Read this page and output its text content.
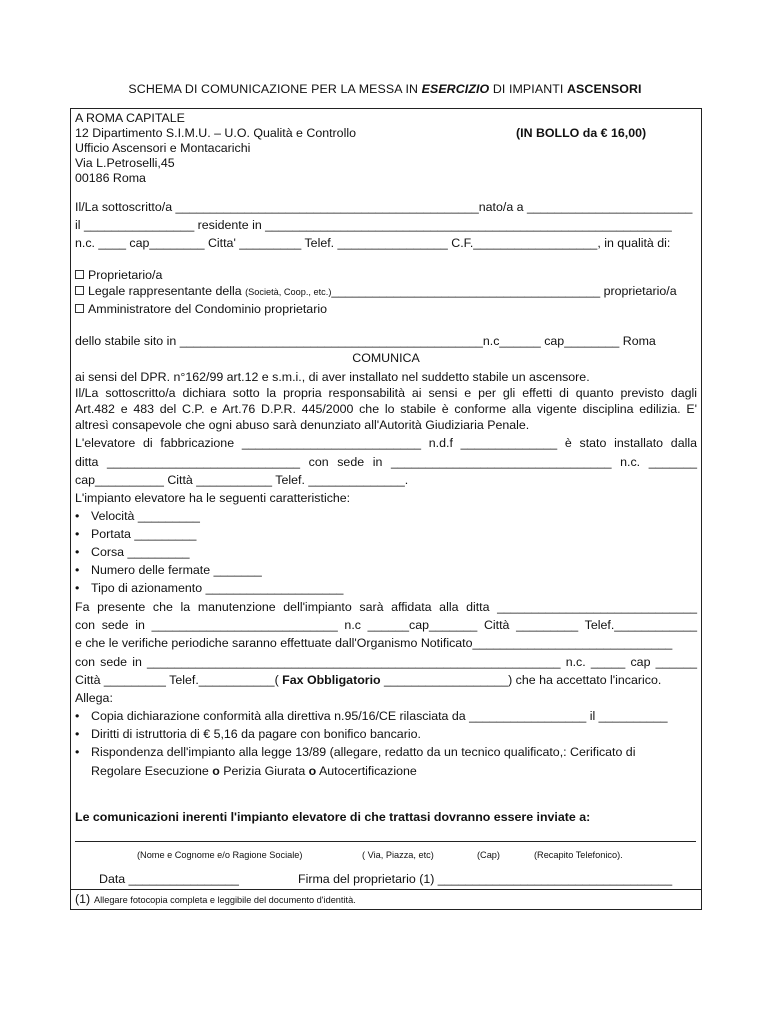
SCHEMA DI COMUNICAZIONE PER LA MESSA IN ESERCIZIO DI IMPIANTI ASCENSORI
A ROMA CAPITALE
12 Dipartimento S.I.M.U. – U.O. Qualità e Controllo	(IN BOLLO da € 16,00)
Ufficio Ascensori e Montacarichi
Via L.Petroselli,45
00186 Roma
Il/La sottoscritto/a ____________________________________________nato/a a ________________________
il ________________ residente in ___________________________________________________________
n.c. ____ cap________ Citta' _________ Telef. ________________ C.F.__________________, in qualità di:
Proprietario/a
Legale rappresentante della (Società, Coop., etc.)_______________________________________ proprietario/a
Amministratore del Condominio proprietario
dello stabile sito in ____________________________________________n.c______ cap________ Roma
COMUNICA
ai sensi del DPR. n°162/99 art.12 e s.m.i., di aver installato nel suddetto stabile un ascensore.
Il/La sottoscritto/a dichiara sotto la propria responsabilità ai sensi e per gli effetti di quanto previsto dagli
Art.482 e 483 del C.P. e Art.76 D.P.R. 445/2000 che lo stabile è conforme alla vigente disciplina edilizia. E'
altresì consapevole che ogni abuso sarà denunziato all'Autorità Giudiziaria Penale.
L'elevatore di fabbricazione __________________________ n.d.f ______________ è stato installato dalla
ditta ____________________________ con sede in ________________________________ n.c. _______
cap__________ Città ___________ Telef. ______________.
L'impianto elevatore ha le seguenti caratteristiche:
• Velocità _________
• Portata _________
• Corsa _________
• Numero delle fermate _______
• Tipo di azionamento ____________________
Fa presente che la manutenzione dell'impianto sarà affidata alla ditta _____________________________
con sede in ___________________________ n.c ______cap_______ Città _________ Telef.____________
e che le verifiche periodiche saranno effettuate dall'Organismo Notificato_____________________________
con sede in ____________________________________________________________ n.c. _____ cap ______
Città _________ Telef.___________( Fax Obbligatorio __________________) che ha accettato l'incarico.
Allega:
• Copia dichiarazione conformità alla direttiva n.95/16/CE rilasciata da _________________ il __________
• Diritti di istruttoria di € 5,16 da pagare con bonifico bancario.
• Rispondenza dell'impianto alla legge 13/89 (allegare, redatto da un tecnico qualificato,: Cerificato di
Regolare Esecuzione o Perizia Giurata o Autocertificazione
Le comunicazioni inerenti l'impianto elevatore di che trattasi dovranno essere inviate a:
(Nome e Cognome e/o Ragione Sociale)	( Via, Piazza, etc)	(Cap)	(Recapito Telefonico).
Data ________________	Firma del proprietario (1) __________________________________
(1) Allegare fotocopia completa e leggibile del documento d'identità.
